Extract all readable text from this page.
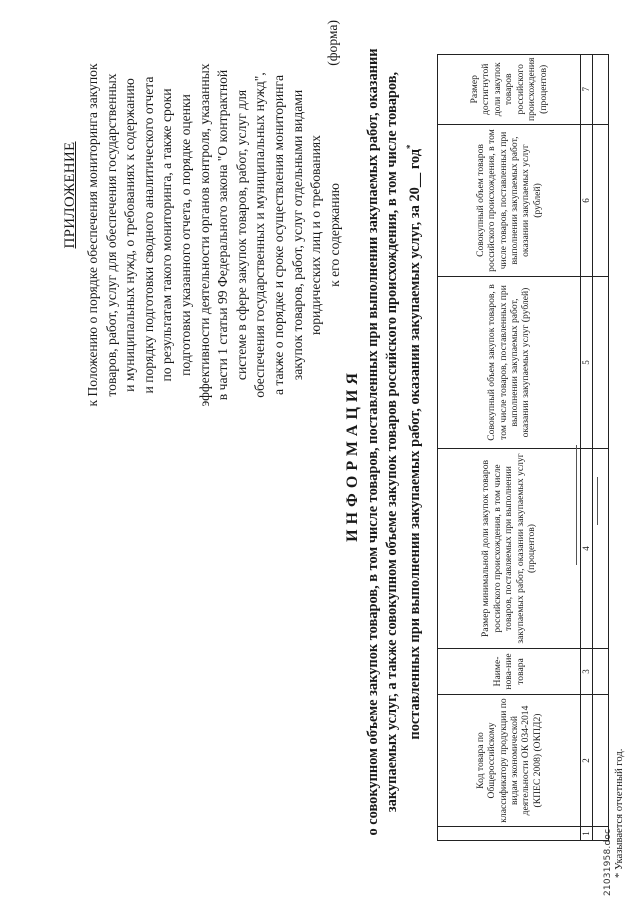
21031958.doc
ПРИЛОЖЕНИЕ к Положению о порядке обеспечения мониторинга закупок товаров, работ, услуг для обеспечения государственных и муниципальных нужд, о требованиях к содержанию и порядку подготовки сводного аналитического отчета по результатам такого мониторинга, а также сроки подготовки указанного отчета, о порядке оценки эффективности деятельности органов контроля, указанных в части 1 статьи 99 Федерального закона "О контрактной системе в сфере закупок товаров, работ, услуг для обеспечения государственных и муниципальных нужд", а также о порядке и сроке осуществления мониторинга закупок товаров, работ, услуг отдельными видами юридических лиц и о требованиях к его содержанию
(форма)
ИНФОРМАЦИЯ о совокупном объеме закупок товаров, в том числе товаров, поставленных при выполнении закупаемых работ, оказании закупаемых услуг, а также совокупном объеме закупок товаров российского происхождения, в том числе товаров, поставленных при выполнении закупаемых работ, оказании закупаемых услуг, за 20__ год*
	Код товара по Общероссийскому классификатору продукции по видам экономической деятельности ОК 034-2014 (КПЕС 2008) (ОКПД2)	Наиме-нова-ние товара	Размер минимальной доли закупок товаров российского происхождения, в том числе товаров, поставляемых при выполнении закупаемых работ, оказании закупаемых услуг (процентов)	Совокупный объем закупок товаров, в том числе товаров, поставленных при выполнении закупаемых работ, оказании закупаемых услуг (рублей)	Совокупный объем товаров российского происхождения, в том числе товаров, поставленных при выполнении закупаемых работ, оказании закупаемых услуг (рублей)	Размер достигнутой доли закупок товаров российского происхождения (процентов)
1	2	3	4	5	6	7

* Указывается отчетный год.
